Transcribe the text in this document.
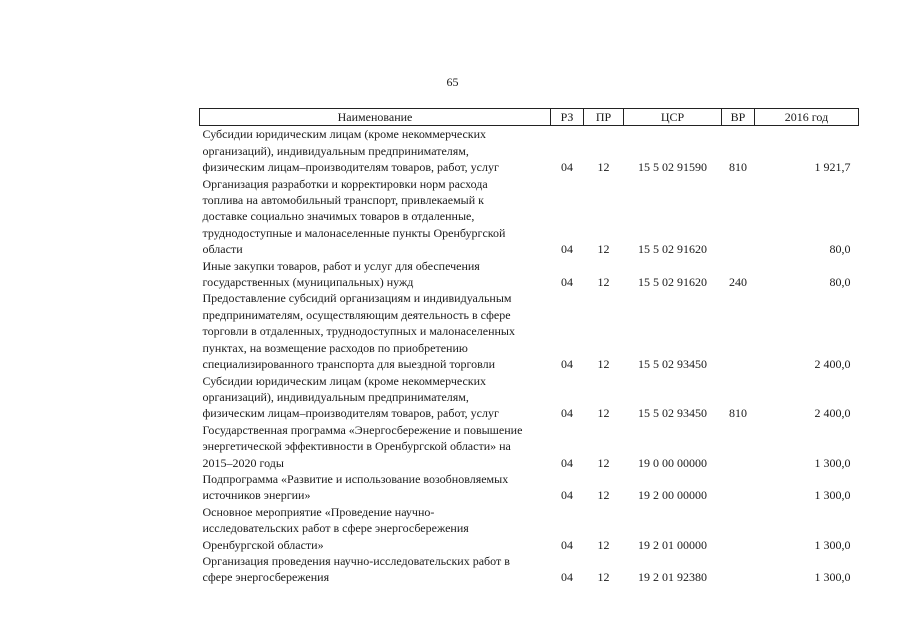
65
Наименование	РЗ	ПР	ЦСР	ВР	2016 год
Субсидии юридическим лицам (кроме некоммерческих
организаций), индивидуальным предпринимателям,
физическим лицам–производителям товаров, работ, услуг	04	12	15 5 02 91590	810	1 921,7
Организация разработки и корректировки норм расхода
топлива на автомобильный транспорт, привлекаемый к
доставке социально значимых товаров в отдаленные,
труднодоступные и малонаселенные пункты Оренбургской
области	04	12	15 5 02 91620		80,0
Иные закупки товаров, работ и услуг для обеспечения
государственных (муниципальных) нужд	04	12	15 5 02 91620	240	80,0
Предоставление субсидий организациям и индивидуальным
предпринимателям, осуществляющим деятельность в сфере
торговли в отдаленных, труднодоступных и малонаселенных
пунктах, на возмещение расходов по приобретению
специализированного транспорта для выездной торговли	04	12	15 5 02 93450		2 400,0
Субсидии юридическим лицам (кроме некоммерческих
организаций), индивидуальным предпринимателям,
физическим лицам–производителям товаров, работ, услуг	04	12	15 5 02 93450	810	2 400,0
Государственная программа «Энергосбережение и повышение
энергетической эффективности в Оренбургской области» на
2015–2020 годы	04	12	19 0 00 00000		1 300,0
Подпрограмма «Развитие и использование возобновляемых
источников энергии»	04	12	19 2 00 00000		1 300,0
Основное мероприятие «Проведение научно-
исследовательских работ в сфере энергосбережения
Оренбургской области»	04	12	19 2 01 00000		1 300,0
Организация проведения научно-исследовательских работ в
сфере энергосбережения	04	12	19 2 01 92380		1 300,0
